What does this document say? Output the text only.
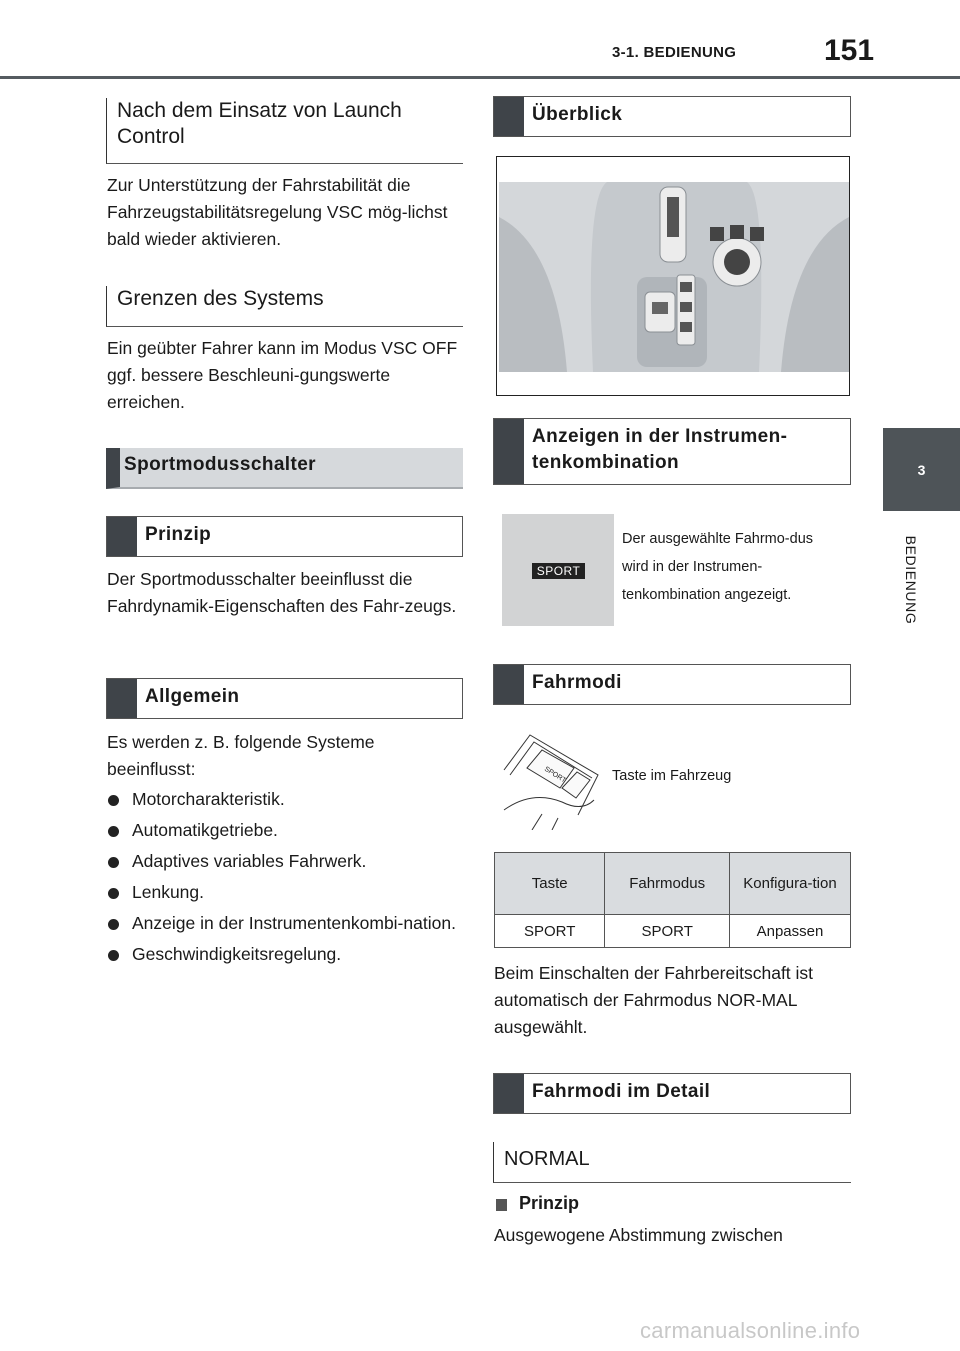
3-1. BEDIENUNG	151
3
BEDIENUNG
Nach dem Einsatz von Launch Control
Zur Unterstützung der Fahrstabilität die Fahrzeugstabilitätsregelung VSC mög-lichst bald wieder aktivieren.
Grenzen des Systems
Ein geübter Fahrer kann im Modus VSC OFF ggf. bessere Beschleuni-gungswerte erreichen.
Sportmodusschalter
Prinzip
Der Sportmodusschalter beeinflusst die Fahrdynamik-Eigenschaften des Fahr-zeugs.
Allgemein
Es werden z. B. folgende Systeme beeinflusst:
Motorcharakteristik.
Automatikgetriebe.
Adaptives variables Fahrwerk.
Lenkung.
Anzeige in der Instrumentenkombi-nation.
Geschwindigkeitsregelung.
Überblick
Anzeigen in der Instrumen-tenkombination
SPORT
Der ausgewählte Fahrmo-dus wird in der Instrumen-tenkombination angezeigt.
Fahrmodi
SPORT	Taste im Fahrzeug
Taste	Fahrmodus	Konfigura-tion
SPORT	SPORT	Anpassen
Beim Einschalten der Fahrbereitschaft ist automatisch der Fahrmodus NOR-MAL ausgewählt.
Fahrmodi im Detail
NORMAL
Prinzip
Ausgewogene Abstimmung zwischen
carmanualsonline.info
